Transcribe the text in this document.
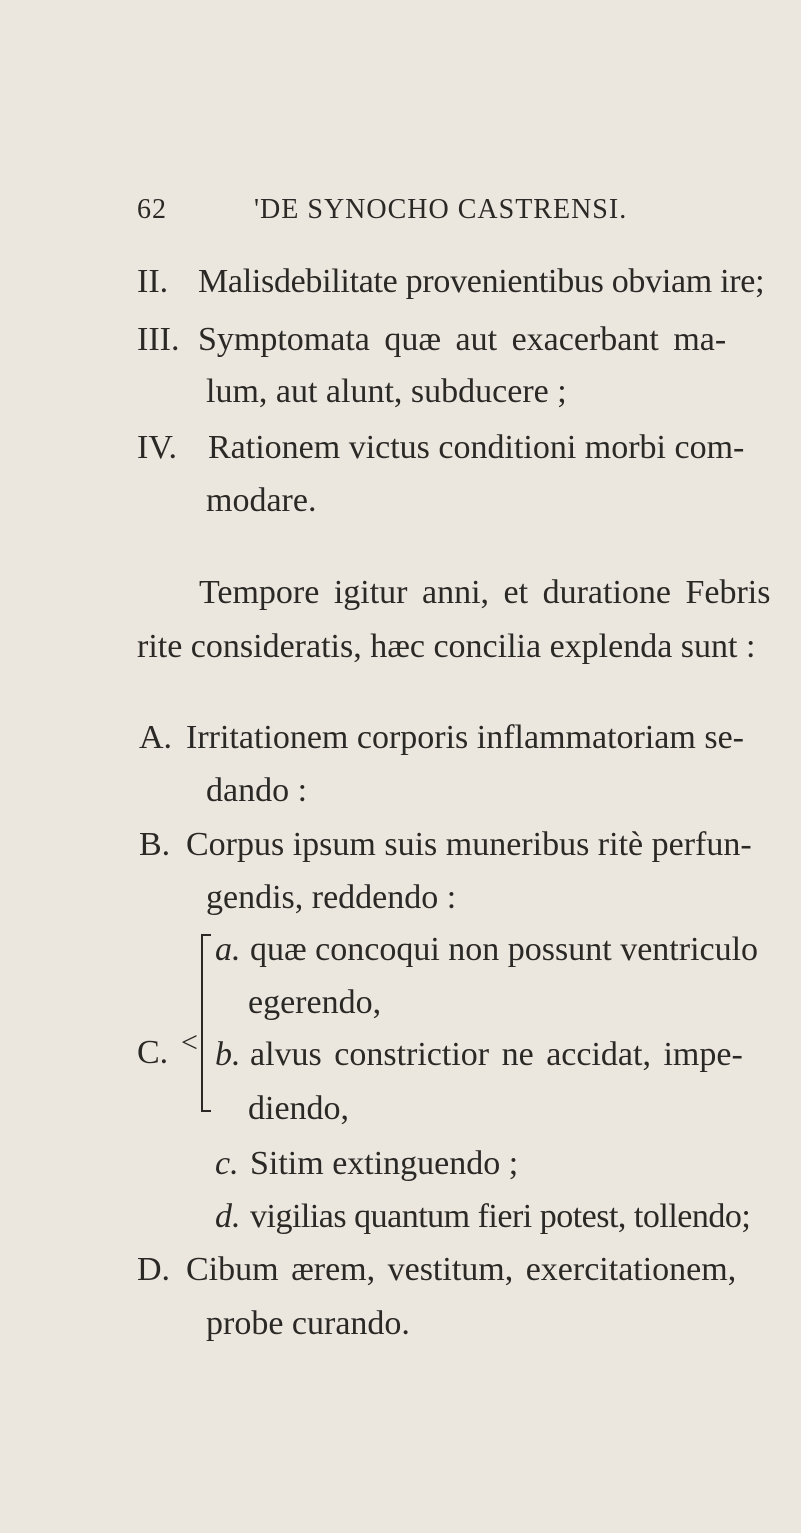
62	'DE SYNOCHO CASTRENSI.
II. Malisdebilitate provenientibus obviam ire;
III. Symptomata quæ aut exacerbant ma-
lum, aut alunt, subducere ;
IV. Rationem victus conditioni morbi com-
modare.
Tempore igitur anni, et duratione Febris
rite consideratis, hæc concilia explenda sunt :
A. Irritationem corporis inflammatoriam se-
dando :
B. Corpus ipsum suis muneribus ritè perfun-
gendis, reddendo :
C. <
a. quæ concoqui non possunt ventriculo
egerendo,
b. alvus constrictior ne accidat, impe-
diendo,
c. Sitim extinguendo ;
d. vigilias quantum fieri potest, tollendo;
D. Cibum ærem, vestitum, exercitationem,
probe curando.
